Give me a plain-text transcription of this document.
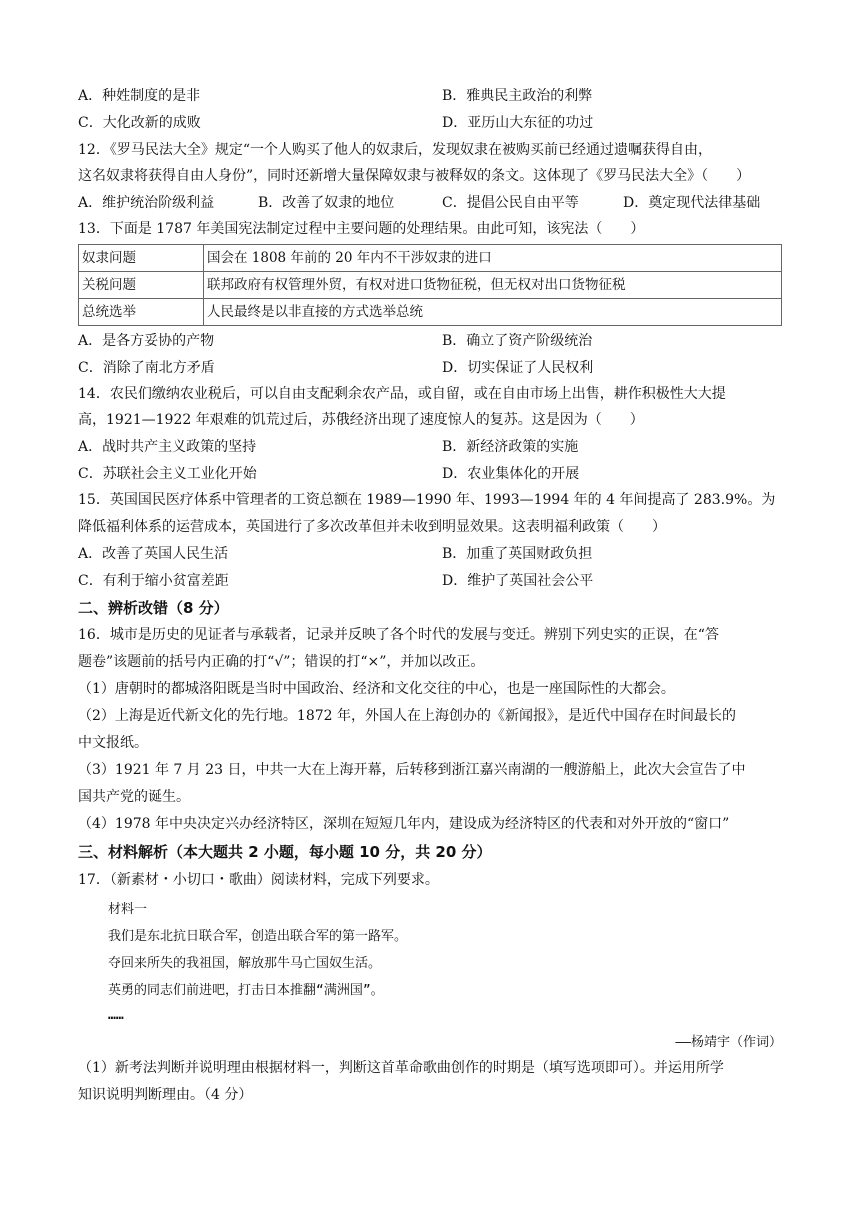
A．种姓制度的是非	B．雅典民主政治的利弊
C．大化改新的成败	D．亚历山大东征的功过
12．《罗马民法大全》规定“一个人购买了他人的奴隶后，发现奴隶在被购买前已经通过遗嘱获得自由，
这名奴隶将获得自由人身份”，同时还新增大量保障奴隶与被释奴的条文。这体现了《罗马民法大全》（　　）
A．维护统治阶级利益	B．改善了奴隶的地位	C．提倡公民自由平等	D．奠定现代法律基础
13．下面是 1787 年美国宪法制定过程中主要问题的处理结果。由此可知，该宪法（　　）
奴隶问题	国会在 1808 年前的 20 年内不干涉奴隶的进口
关税问题	联邦政府有权管理外贸，有权对进口货物征税，但无权对出口货物征税
总统选举	人民最终是以非直接的方式选举总统
A．是各方妥协的产物	B．确立了资产阶级统治
C．消除了南北方矛盾	D．切实保证了人民权利
14．农民们缴纳农业税后，可以自由支配剩余农产品，或自留，或在自由市场上出售，耕作积极性大大提
高，1921—1922 年艰难的饥荒过后，苏俄经济出现了速度惊人的复苏。这是因为（　　）
A．战时共产主义政策的坚持	B．新经济政策的实施
C．苏联社会主义工业化开始	D．农业集体化的开展
15．英国国民医疗体系中管理者的工资总额在 1989—1990 年、1993—1994 年的 4 年间提高了 283.9%。为
降低福利体系的运营成本，英国进行了多次改革但并未收到明显效果。这表明福利政策（　　）
A．改善了英国人民生活	B．加重了英国财政负担
C．有利于缩小贫富差距	D．维护了英国社会公平
二、辨析改错（8 分）
16．城市是历史的见证者与承载者，记录并反映了各个时代的发展与变迁。辨别下列史实的正误，在“答
题卷”该题前的括号内正确的打“√”；错误的打“×”，并加以改正。
（1）唐朝时的都城洛阳既是当时中国政治、经济和文化交往的中心，也是一座国际性的大都会。
（2）上海是近代新文化的先行地。1872 年，外国人在上海创办的《新闻报》，是近代中国存在时间最长的
中文报纸。
（3）1921 年 7 月 23 日，中共一大在上海开幕，后转移到浙江嘉兴南湖的一艘游船上，此次大会宣告了中
国共产党的诞生。
（4）1978 年中央决定兴办经济特区，深圳在短短几年内，建设成为经济特区的代表和对外开放的“窗口”
三、材料解析（本大题共 2 小题，每小题 10 分，共 20 分）
17．（新素材・小切口・歌曲）阅读材料，完成下列要求。
材料一
我们是东北抗日联合军，创造出联合军的第一路军。
夺回来所失的我祖国，解放那牛马亡国奴生活。
英勇的同志们前进吧，打击日本推翻“满洲国”。
……
——杨靖宇（作词）
（1）新考法判断并说明理由根据材料一，判断这首革命歌曲创作的时期是（填写选项即可）。并运用所学
知识说明判断理由。（4 分）
